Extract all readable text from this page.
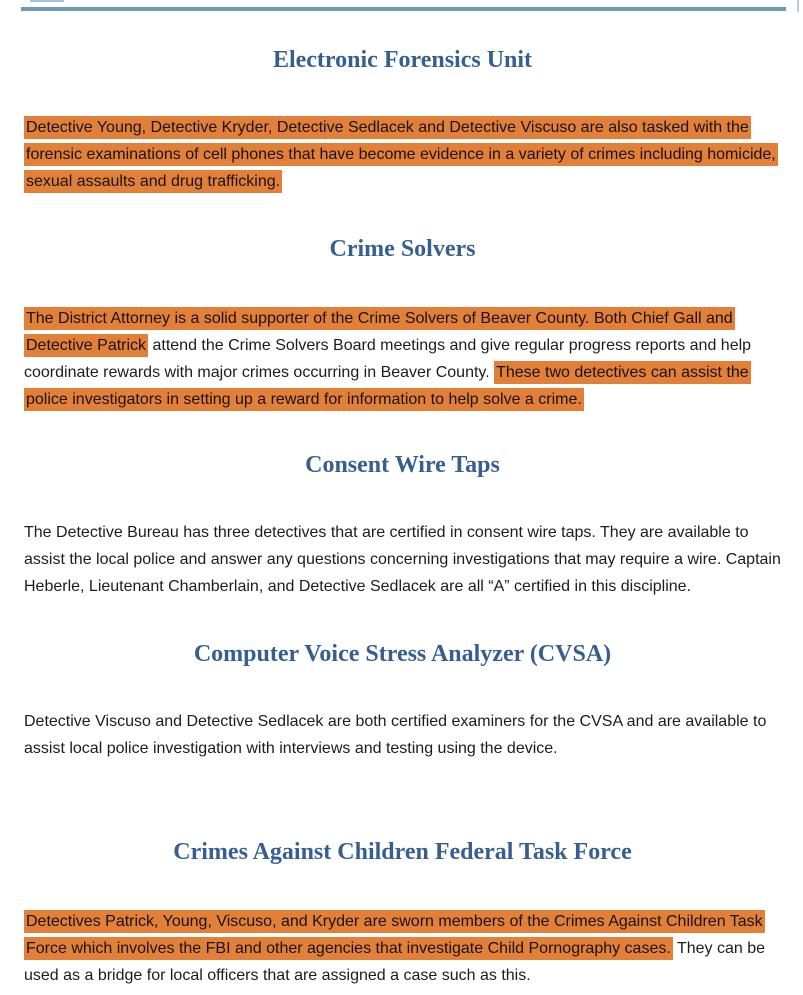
Electronic Forensics Unit

Detective Young, Detective Kryder, Detective Sedlacek and Detective Viscuso are also tasked with the forensic examinations of cell phones that have become evidence in a variety of crimes including homicide, sexual assaults and drug trafficking.

Crime Solvers

The District Attorney is a solid supporter of the Crime Solvers of Beaver County. Both Chief Gall and Detective Patrick attend the Crime Solvers Board meetings and give regular progress reports and help coordinate rewards with major crimes occurring in Beaver County. These two detectives can assist the police investigators in setting up a reward for information to help solve a crime.

Consent Wire Taps

The Detective Bureau has three detectives that are certified in consent wire taps. They are available to assist the local police and answer any questions concerning investigations that may require a wire. Captain Heberle, Lieutenant Chamberlain, and Detective Sedlacek are all “A” certified in this discipline.

Computer Voice Stress Analyzer (CVSA)

Detective Viscuso and Detective Sedlacek are both certified examiners for the CVSA and are available to assist local police investigation with interviews and testing using the device.

Crimes Against Children Federal Task Force

Detectives Patrick, Young, Viscuso, and Kryder are sworn members of the Crimes Against Children Task Force which involves the FBI and other agencies that investigate Child Pornography cases. They can be used as a bridge for local officers that are assigned a case such as this.
